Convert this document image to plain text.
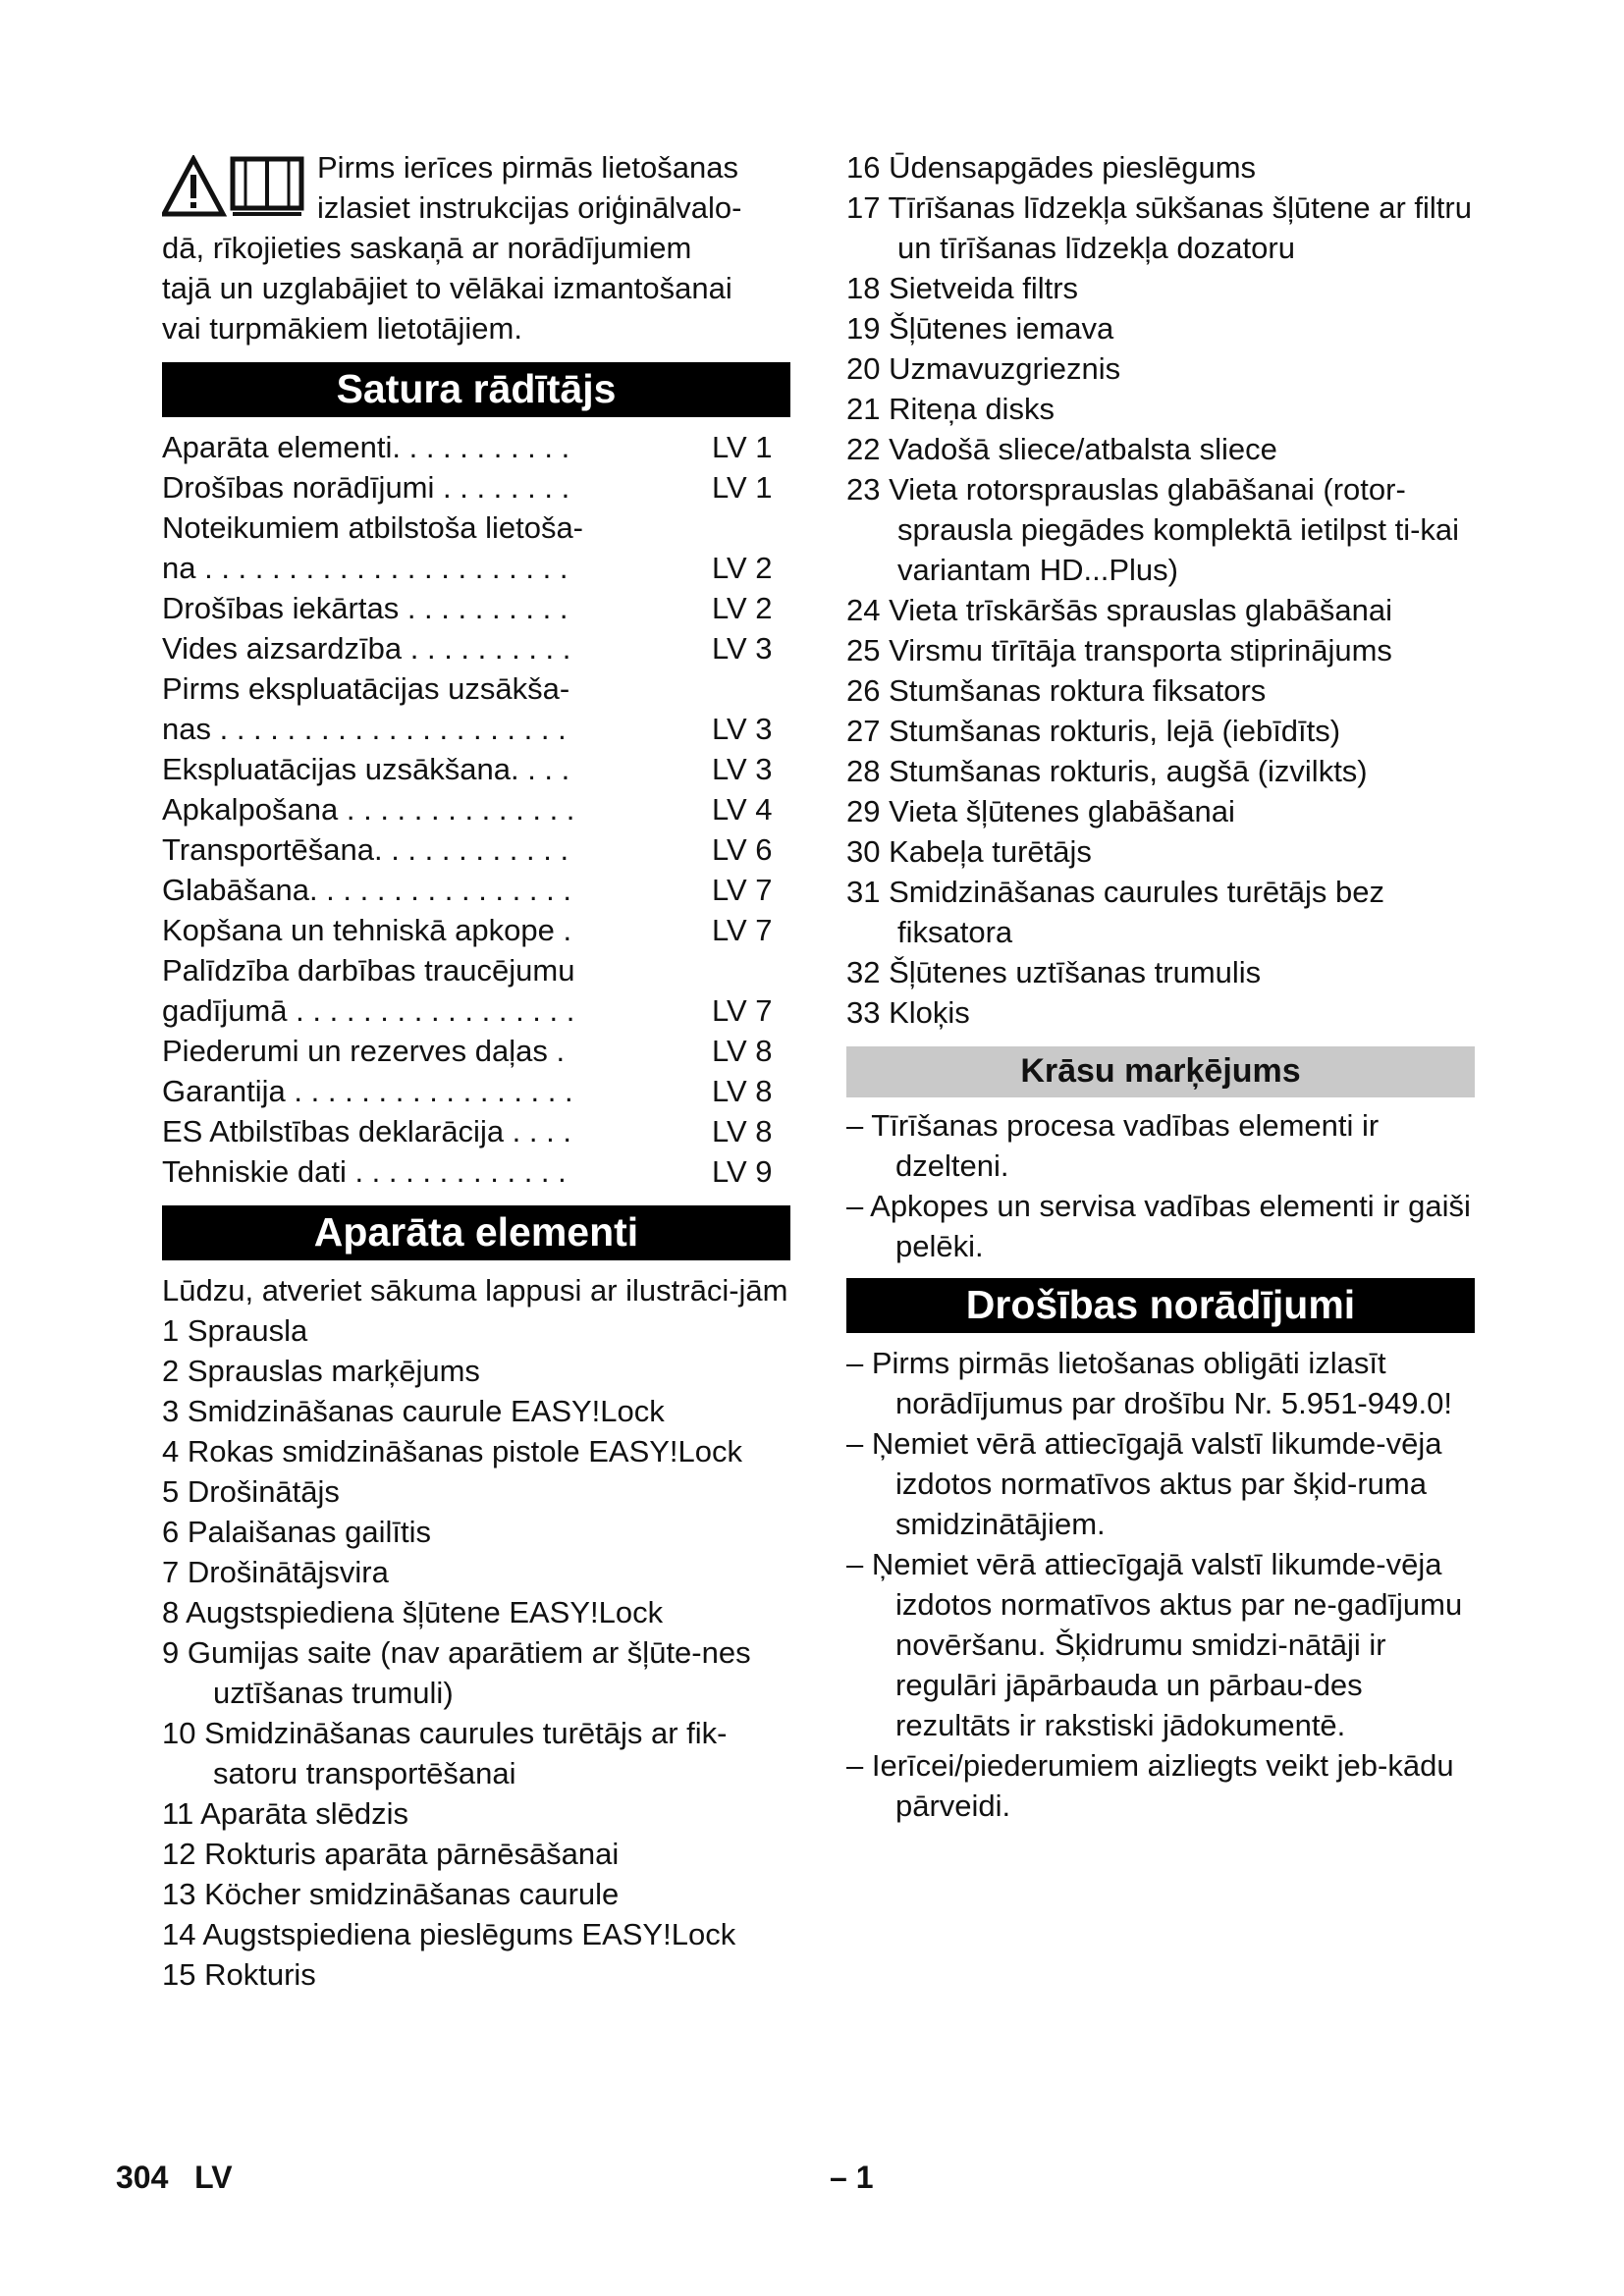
Pirms ierīces pirmās lietošanas
izlasiet instrukcijas oriģinālvalo-
dā, rīkojieties saskaņā ar norādījumiem
tajā un uzglabājiet to vēlākai izmantošanai
vai turpmākiem lietotājiem.
Satura rādītājs
Aparāta elementi. . . . . . . . . . .	LV 1
Drošības norādījumi . . . . . . . .	LV 1
Noteikumiem atbilstoša lietoša-
na . . . . . . . . . . . . . . . . . . . . . .	LV 2
Drošības iekārtas . . . . . . . . . .	LV 2
Vides aizsardzība . . . . . . . . . .	LV 3
Pirms ekspluatācijas uzsākša-
nas . . . . . . . . . . . . . . . . . . . . .	LV 3
Ekspluatācijas uzsākšana. . . .	LV 3
Apkalpošana . . . . . . . . . . . . . .	LV 4
Transportēšana. . . . . . . . . . . .	LV 6
Glabāšana. . . . . . . . . . . . . . . .	LV 7
Kopšana un tehniskā apkope .	LV 7
Palīdzība darbības traucējumu
gadījumā . . . . . . . . . . . . . . . . .	LV 7
Piederumi un rezerves daļas .	LV 8
Garantija . . . . . . . . . . . . . . . . .	LV 8
ES Atbilstības deklarācija . . . .	LV 8
Tehniskie dati . . . . . . . . . . . . .	LV 9
Aparāta elementi
Lūdzu, atveriet sākuma lappusi ar ilustrāci-jām
1 Sprausla
2 Sprauslas marķējums
3 Smidzināšanas caurule EASY!Lock
4 Rokas smidzināšanas pistole EASY!Lock
5 Drošinātājs
6 Palaišanas gailītis
7 Drošinātājsvira
8 Augstspiediena šļūtene EASY!Lock
9 Gumijas saite (nav aparātiem ar šļūte-nes uztīšanas trumuli)
10 Smidzināšanas caurules turētājs ar fik-satoru transportēšanai
11 Aparāta slēdzis
12 Rokturis aparāta pārnēsāšanai
13 Köcher smidzināšanas caurule
14 Augstspiediena pieslēgums EASY!Lock
15 Rokturis
16 Ūdensapgādes pieslēgums
17 Tīrīšanas līdzekļa sūkšanas šļūtene ar filtru un tīrīšanas līdzekļa dozatoru
18 Sietveida filtrs
19 Šļūtenes iemava
20 Uzmavuzgrieznis
21 Riteņa disks
22 Vadošā sliece/atbalsta sliece
23 Vieta rotorsprauslas glabāšanai (rotor-sprausla piegādes komplektā ietilpst ti-kai variantam HD...Plus)
24 Vieta trīskāršās sprauslas glabāšanai
25 Virsmu tīrītāja transporta stiprinājums
26 Stumšanas roktura fiksators
27 Stumšanas rokturis, lejā (iebīdīts)
28 Stumšanas rokturis, augšā (izvilkts)
29 Vieta šļūtenes glabāšanai
30 Kabeļa turētājs
31 Smidzināšanas caurules turētājs bez fiksatora
32 Šļūtenes uztīšanas trumulis
33 Kloķis
Krāsu marķējums
– Tīrīšanas procesa vadības elementi ir dzelteni.
– Apkopes un servisa vadības elementi ir gaiši pelēki.
Drošības norādījumi
– Pirms pirmās lietošanas obligāti izlasīt norādījumus par drošību Nr. 5.951-949.0!
– Ņemiet vērā attiecīgajā valstī likumde-vēja izdotos normatīvos aktus par šķid-ruma smidzinātājiem.
– Ņemiet vērā attiecīgajā valstī likumde-vēja izdotos normatīvos aktus par ne-gadījumu novēršanu. Šķidrumu smidzi-nātāji ir regulāri jāpārbauda un pārbau-des rezultāts ir rakstiski jādokumentē.
– Ierīcei/piederumiem aizliegts veikt jeb-kādu pārveidi.
304 LV	– 1
